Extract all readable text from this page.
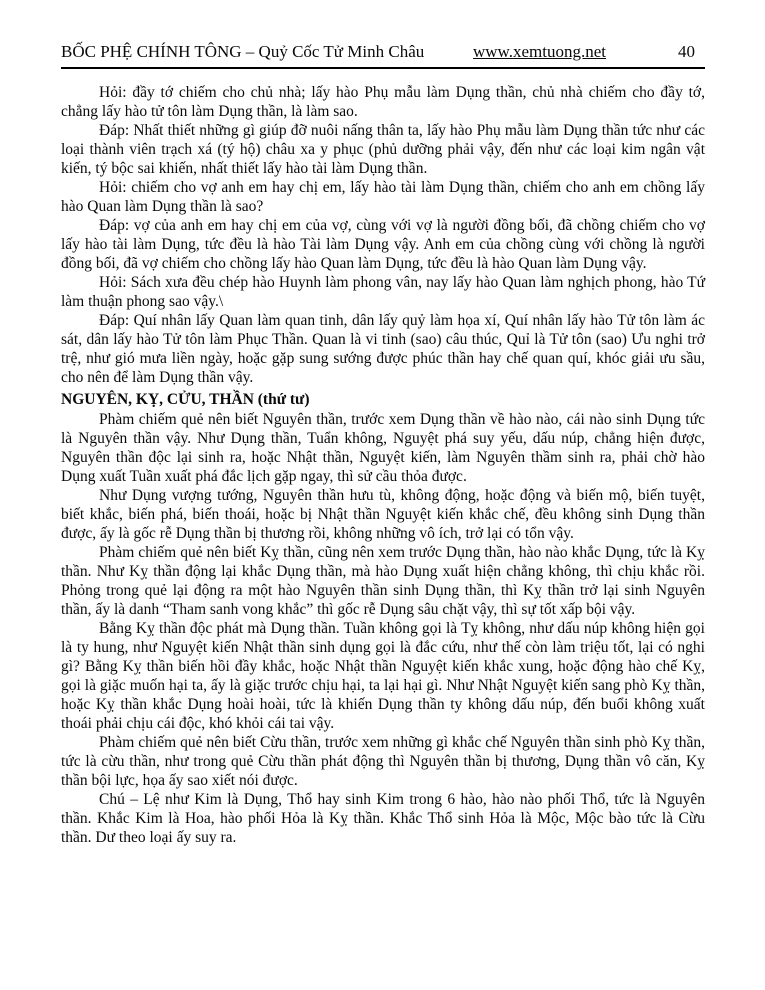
BỐC PHỆ CHÍNH TÔNG – Quỷ Cốc Tử Minh Châu	www.xemtuong.net	40

Hỏi: đầy tớ chiếm cho chủ nhà; lấy hào Phụ mẫu làm Dụng thần, chủ nhà chiếm cho đầy tớ, chẳng lấy hào tử tôn làm Dụng thần, là làm sao.

Đáp: Nhất thiết những gì giúp đỡ nuôi nấng thân ta, lấy hào Phụ mẫu làm Dụng thần tức như các loại thành viên trạch xá (tý hộ) châu xa y phục (phủ dưỡng phải vậy, đến như các loại kim ngân vật kiến, tý bộc sai khiến, nhất thiết lấy hào tài làm Dụng thần.

Hỏi: chiếm cho vợ anh em hay chị em, lấy hào tài làm Dụng thần, chiếm cho anh em chồng lấy hào Quan làm Dụng thần là sao?

Đáp: vợ của anh em hay chị em của vợ, cùng với vợ là người đồng bối, đã chồng chiếm cho vợ lấy hào tài làm Dụng, tức đều là hào Tài làm Dụng vậy. Anh em của chồng cùng với chồng là người đồng bối, đã vợ chiếm cho chồng lấy hào Quan làm Dụng, tức đều là hào Quan làm Dụng vậy.

Hỏi: Sách xưa đều chép hào Huynh làm phong vân, nay lấy hào Quan làm nghịch phong, hào Tứ làm thuận phong sao vậy.\

Đáp: Quí nhân lấy Quan làm quan tinh, dân lấy quỷ làm họa xí, Quí nhân lấy hào Tử tôn làm ác sát, dân lấy hào Tử tôn làm Phục Thần. Quan là vi tinh (sao) câu thúc, Quỉ là Tử tôn (sao) Ưu nghi trở trệ, như gió mưa liền ngày, hoặc gặp sung sướng được phúc thần hay chế quan quí, khóc giải ưu sầu, cho nên để làm Dụng thần vậy.

NGUYÊN, KỴ, CỬU, THẦN (thứ tư)

Phàm chiếm quẻ nên biết Nguyên thần, trước xem Dụng thần về hào nào, cái nào sinh Dụng tức là Nguyên thần vậy. Như Dụng thần, Tuẩn không, Nguyệt phá suy yếu, dấu núp, chẳng hiện được, Nguyên thần độc lại sinh ra, hoặc Nhật thần, Nguyệt kiến, làm Nguyên thầm sinh ra, phải chờ hào Dụng xuất Tuần xuất phá đắc lịch gặp ngay, thì sử cầu thỏa được.

Như Dụng vượng tướng, Nguyên thần hưu tù, không động, hoặc động và biến mộ, biến tuyệt, biết khắc, biến phá, biến thoái, hoặc bị Nhật thần Nguyệt kiến khắc chế, đều không sinh Dụng thần được, ấy là gốc rễ Dụng thần bị thương rồi, không những vô ích, trở lại có tổn vậy.

Phàm chiếm quẻ nên biết Kỵ thần, cũng nên xem trước Dụng thần, hào nào khắc Dụng, tức là Kỵ thần. Như Kỵ thần động lại khắc Dụng thần, mà hào Dụng xuất hiện chẳng không, thì chịu khắc rồi. Phỏng trong quẻ lại động ra một hào Nguyên thần sinh Dụng thần, thì Kỵ thần trở lại sinh Nguyên thần, ấy là danh “Tham sanh vong khắc” thì gốc rễ Dụng sâu chặt vậy, thì sự tốt xấp bội vậy.

Bằng Kỵ thần độc phát mà Dụng thần. Tuần không gọi là Tỵ không, như dấu núp không hiện gọi là ty hung, như Nguyệt kiến Nhật thần sinh dụng gọi là đắc cứu, như thế còn làm triệu tốt, lại có nghi gì? Bằng Kỵ thần biến hồi đầy khắc, hoặc Nhật thần Nguyệt kiến khắc xung, hoặc động hào chế Kỵ, gọi là giặc muốn hại ta, ấy là giặc trước chịu hại, ta lại hại gì. Như Nhật Nguyệt kiến sang phò Kỵ thần, hoặc Kỵ thần khắc Dụng hoài hoài, tức là khiến Dụng thần ty không dấu núp, đến buổi không xuất thoái phải chịu cái độc, khó khỏi cái tai vậy.

Phàm chiếm quẻ nên biết Cừu thần, trước xem những gì khắc chế Nguyên thần sinh phò Kỵ thần, tức là cừu thần, như trong quẻ Cừu thần phát động thì Nguyên thần bị thương, Dụng thần vô căn, Kỵ thần bội lực, họa ấy sao xiết nói được.

Chú – Lệ như Kim là Dụng, Thổ hay sinh Kim trong 6 hào, hào nào phối Thổ, tức là Nguyên thần. Khắc Kim là Hoa, hào phối Hỏa là Kỵ thần. Khắc Thổ sinh Hỏa là Mộc, Mộc bào tức là Cừu thần. Dư theo loại ấy suy ra.
